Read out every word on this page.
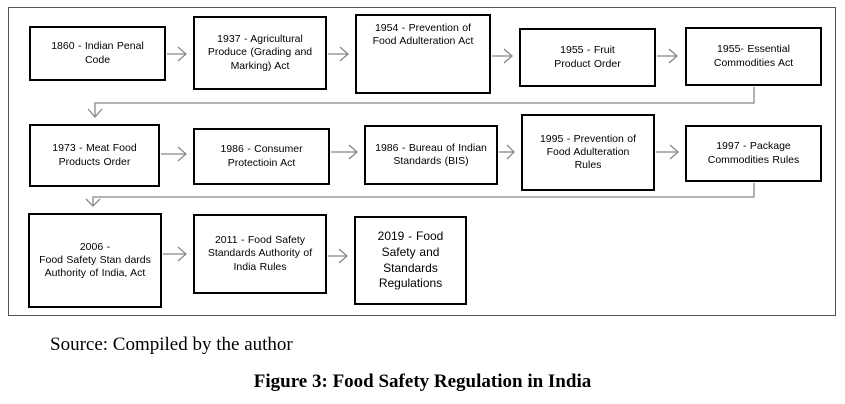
1860 - Indian Penal
Code
1937 - Agricultural
Produce (Grading and
Marking) Act
1954 - Prevention of
Food Adulteration Act
1955 - Fruit
Product Order
1955- Essential
Commodities Act
1973 - Meat Food
Products Order
1986 - Consumer
Protectioin Act
1986 - Bureau of Indian
Standards (BIS)
1995 - Prevention of
Food Adulteration
Rules
1997 - Package
Commodities Rules
2006 -
Food Safety Stan dards
Authority of India, Act
2011 - Food Safety
Standards Authority of
India Rules
2019 - Food
Safety and
Standards
Regulations
Source: Compiled by the author
Figure 3: Food Safety Regulation in India
